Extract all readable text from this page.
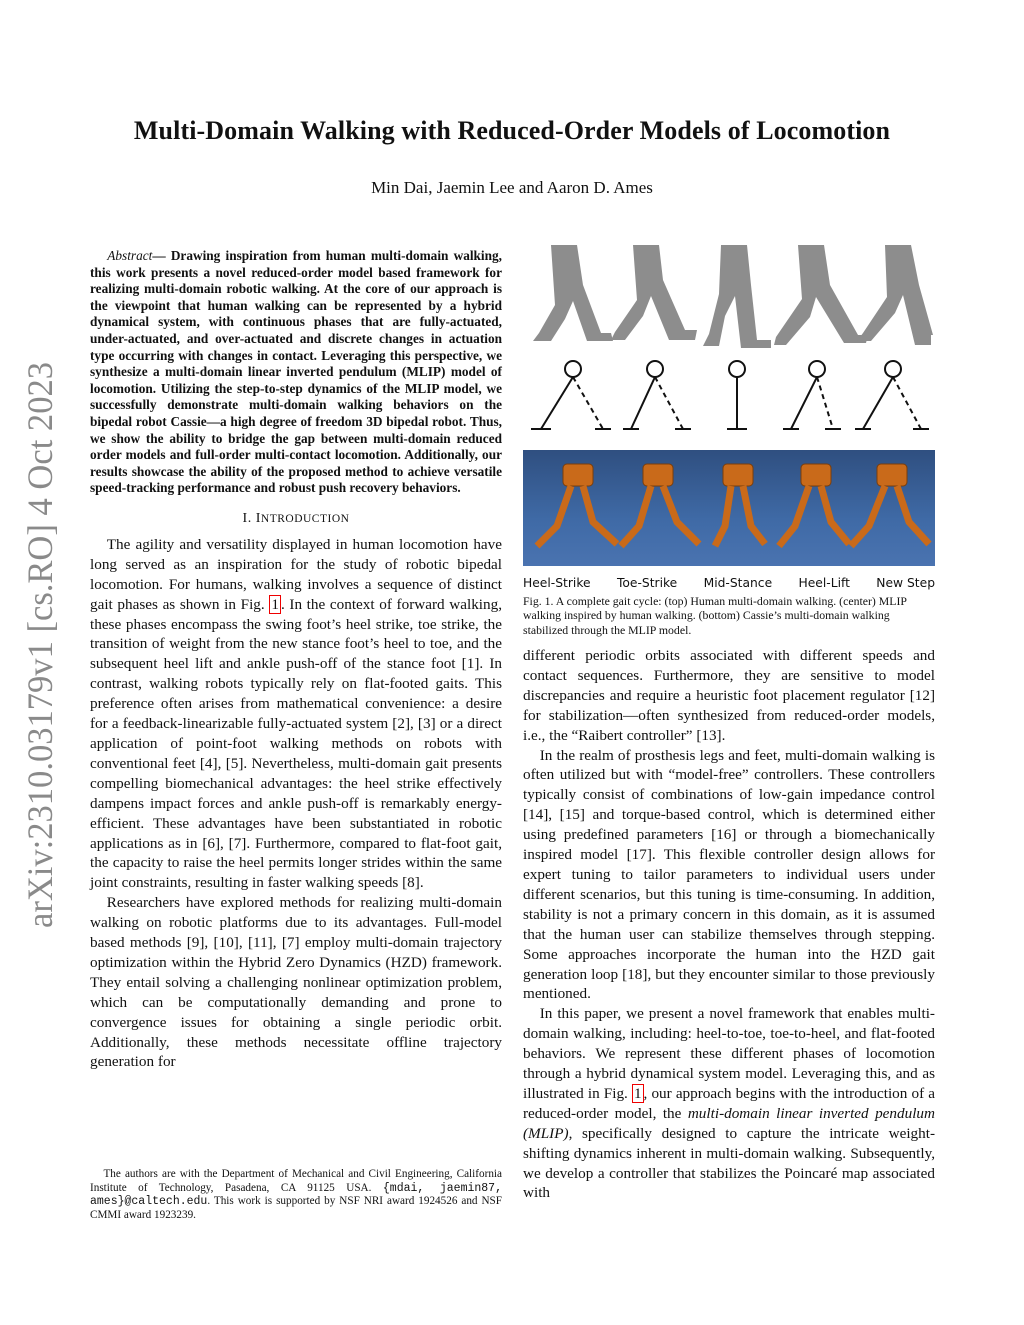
arXiv:2310.03179v1 [cs.RO] 4 Oct 2023
Multi-Domain Walking with Reduced-Order Models of Locomotion
Min Dai, Jaemin Lee and Aaron D. Ames

Abstract— Drawing inspiration from human multi-domain walking, this work presents a novel reduced-order model based framework for realizing multi-domain robotic walking. At the core of our approach is the viewpoint that human walking can be represented by a hybrid dynamical system, with continuous phases that are fully-actuated, under-actuated, and over-actuated and discrete changes in actuation type occurring with changes in contact. Leveraging this perspective, we synthesize a multi-domain linear inverted pendulum (MLIP) model of locomotion. Utilizing the step-to-step dynamics of the MLIP model, we successfully demonstrate multi-domain walking behaviors on the bipedal robot Cassie—a high degree of freedom 3D bipedal robot. Thus, we show the ability to bridge the gap between multi-domain reduced order models and full-order multi-contact locomotion. Additionally, our results showcase the ability of the proposed method to achieve versatile speed-tracking performance and robust push recovery behaviors.

I. INTRODUCTION

The agility and versatility displayed in human locomotion have long served as an inspiration for the study of robotic bipedal locomotion. For humans, walking involves a sequence of distinct gait phases as shown in Fig. 1 . In the context of forward walking, these phases encompass the swing foot’s heel strike, toe strike, the transition of weight from the new stance foot’s heel to toe, and the subsequent heel lift and ankle push-off of the stance foot [1]. In contrast, walking robots typically rely on flat-footed gaits. This preference often arises from mathematical convenience: a desire for a feedback-linearizable fully-actuated system [2], [3] or a direct application of point-foot walking methods on robots with conventional feet [4], [5]. Nevertheless, multi-domain gait presents compelling biomechanical advantages: the heel strike effectively dampens impact forces and ankle push-off is remarkably energy-efficient. These advantages have been substantiated in robotic applications as in [6], [7]. Furthermore, compared to flat-foot gait, the capacity to raise the heel permits longer strides within the same joint constraints, resulting in faster walking speeds [8].

Researchers have explored methods for realizing multi-domain walking on robotic platforms due to its advantages. Full-model based methods [9], [10], [11], [7] employ multi-domain trajectory optimization within the Hybrid Zero Dynamics (HZD) framework. They entail solving a challenging nonlinear optimization problem, which can be computationally demanding and prone to convergence issues for obtaining a single periodic orbit. Additionally, these methods necessitate offline trajectory generation for

The authors are with the Department of Mechanical and Civil Engineering, California Institute of Technology, Pasadena, CA 91125 USA. {mdai, jaemin87, ames}@caltech.edu. This work is supported by NSF NRI award 1924526 and NSF CMMI award 1923239.

Heel-Strike Toe-Strike Mid-Stance Heel-Lift New Step
Fig. 1. A complete gait cycle: (top) Human multi-domain walking. (center) MLIP walking inspired by human walking. (bottom) Cassie’s multi-domain walking stabilized through the MLIP model.

different periodic orbits associated with different speeds and contact sequences. Furthermore, they are sensitive to model discrepancies and require a heuristic foot placement regulator [12] for stabilization—often synthesized from reduced-order models, i.e., the “Raibert controller” [13].

In the realm of prosthesis legs and feet, multi-domain walking is often utilized but with “model-free” controllers. These controllers typically consist of combinations of low-gain impedance control [14], [15] and torque-based control, which is determined either using predefined parameters [16] or through a biomechanically inspired model [17]. This flexible controller design allows for expert tuning to tailor parameters to individual users under different scenarios, but this tuning is time-consuming. In addition, stability is not a primary concern in this domain, as it is assumed that the human user can stabilize themselves through stepping. Some approaches incorporate the human into the HZD gait generation loop [18], but they encounter similar to those previously mentioned.

In this paper, we present a novel framework that enables multi-domain walking, including: heel-to-toe, toe-to-heel, and flat-footed behaviors. We represent these different phases of locomotion through a hybrid dynamical system model. Leveraging this, and as illustrated in Fig. 1 , our approach begins with the introduction of a reduced-order model, the multi-domain linear inverted pendulum (MLIP), specifically designed to capture the intricate weight-shifting dynamics inherent in multi-domain walking. Subsequently, we develop a controller that stabilizes the Poincaré map associated with
